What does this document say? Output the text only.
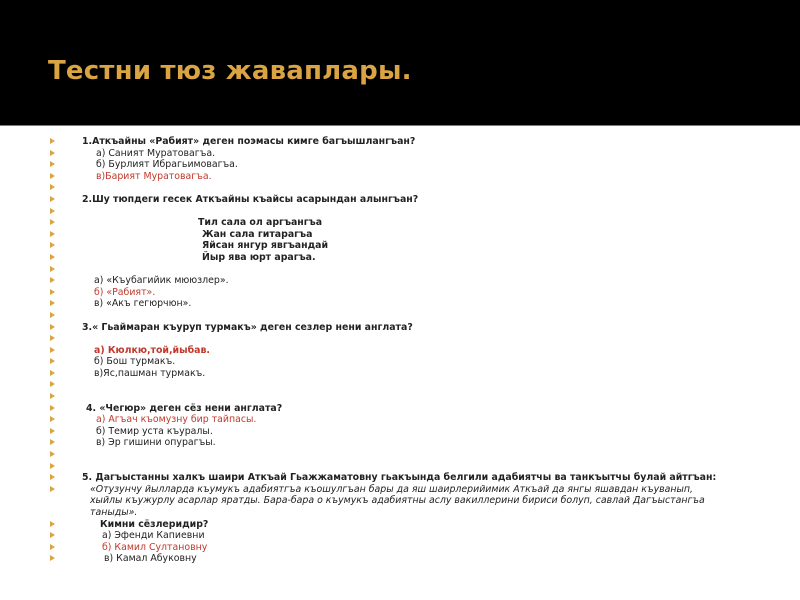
Тестни тюз жаваплары.
1.Аткъайны «Рабият» деген поэмасы кимге багъышлангъан?
а) Саният Муратовагъа.
б) Бурлият Ибрагьимовагъа.
в)Барият Муратовагъа.
2.Шу тюпдеги гесек Аткъайны къайсы асарындан алынгъан?
Тил сала ол аргъангъа
Жан сала гитарагъа
Яйсан янгур явгъандай
Йыр ява юрт арагъа.
а) «Къубагийик мююзлер».
б) «Рабият».
в) «Акъ гегюрчюн».
3.« Гьаймаран къуруп турмакъ» деген сезлер нени англата?
а) Кюлкю,той,йыбав.
б) Бош турмакъ.
в)Яс,пашман турмакъ.
4. «Чегюр» деген сёз нени англата?
а) Агъач къомузну бир тайпасы.
б) Темир уста къуралы.
в) Эр гишини опурагъы.
5. Дагъыстанны халкъ шаири Аткъай Гьажжаматовну гьакъында белгили адабиятчы ва танкъытчы булай айтгъан:
«Отузунчу йылларда къумукъ адабиятгъа къошулгъан бары да яш шаирлерийимик Аткъай да янгы яшавдан къуванып, хыйлы къужурлу асарлар яратды. Бара-бара о къумукъ адабиятны аслу вакиллерини бириси болуп, савлай Дагъыстангъа таныды».
Кимни сёзлеридир?
а) Эфенди Капиевни
б) Камил Султановну
в) Камал Абуковну
